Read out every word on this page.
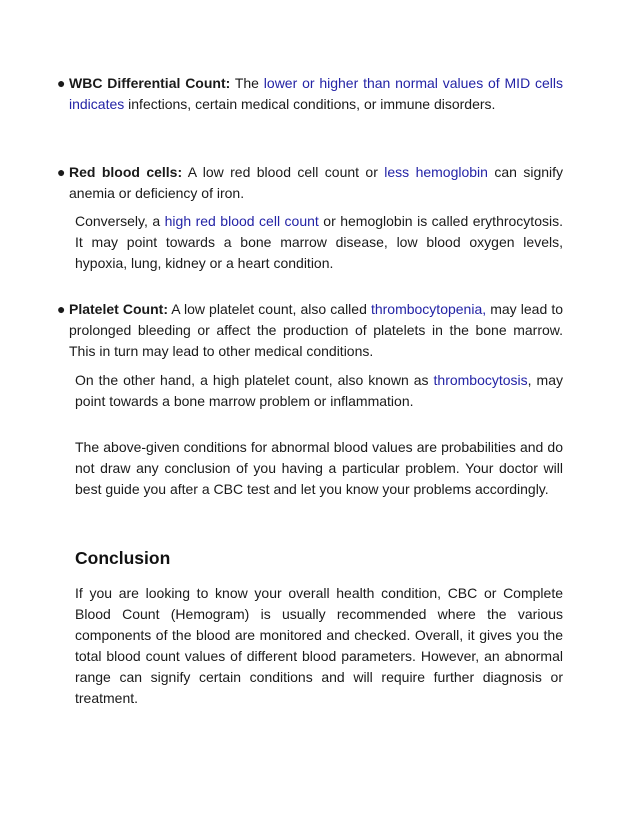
● WBC Differential Count: The lower or higher than normal values of MID cells indicates infections, certain medical conditions, or immune disorders.
● Red blood cells: A low red blood cell count or less hemoglobin can signify anemia or deficiency of iron.

Conversely, a high red blood cell count or hemoglobin is called erythrocytosis. It may point towards a bone marrow disease, low blood oxygen levels, hypoxia, lung, kidney or a heart condition.

● Platelet Count: A low platelet count, also called thrombocytopenia, may lead to prolonged bleeding or affect the production of platelets in the bone marrow. This in turn may lead to other medical conditions.

On the other hand, a high platelet count, also known as thrombocytosis, may point towards a bone marrow problem or inflammation.

The above-given conditions for abnormal blood values are probabilities and do not draw any conclusion of you having a particular problem. Your doctor will best guide you after a CBC test and let you know your problems accordingly.

Conclusion

If you are looking to know your overall health condition, CBC or Complete Blood Count (Hemogram) is usually recommended where the various components of the blood are monitored and checked. Overall, it gives you the total blood count values of different blood parameters. However, an abnormal range can signify certain conditions and will require further diagnosis or treatment.
